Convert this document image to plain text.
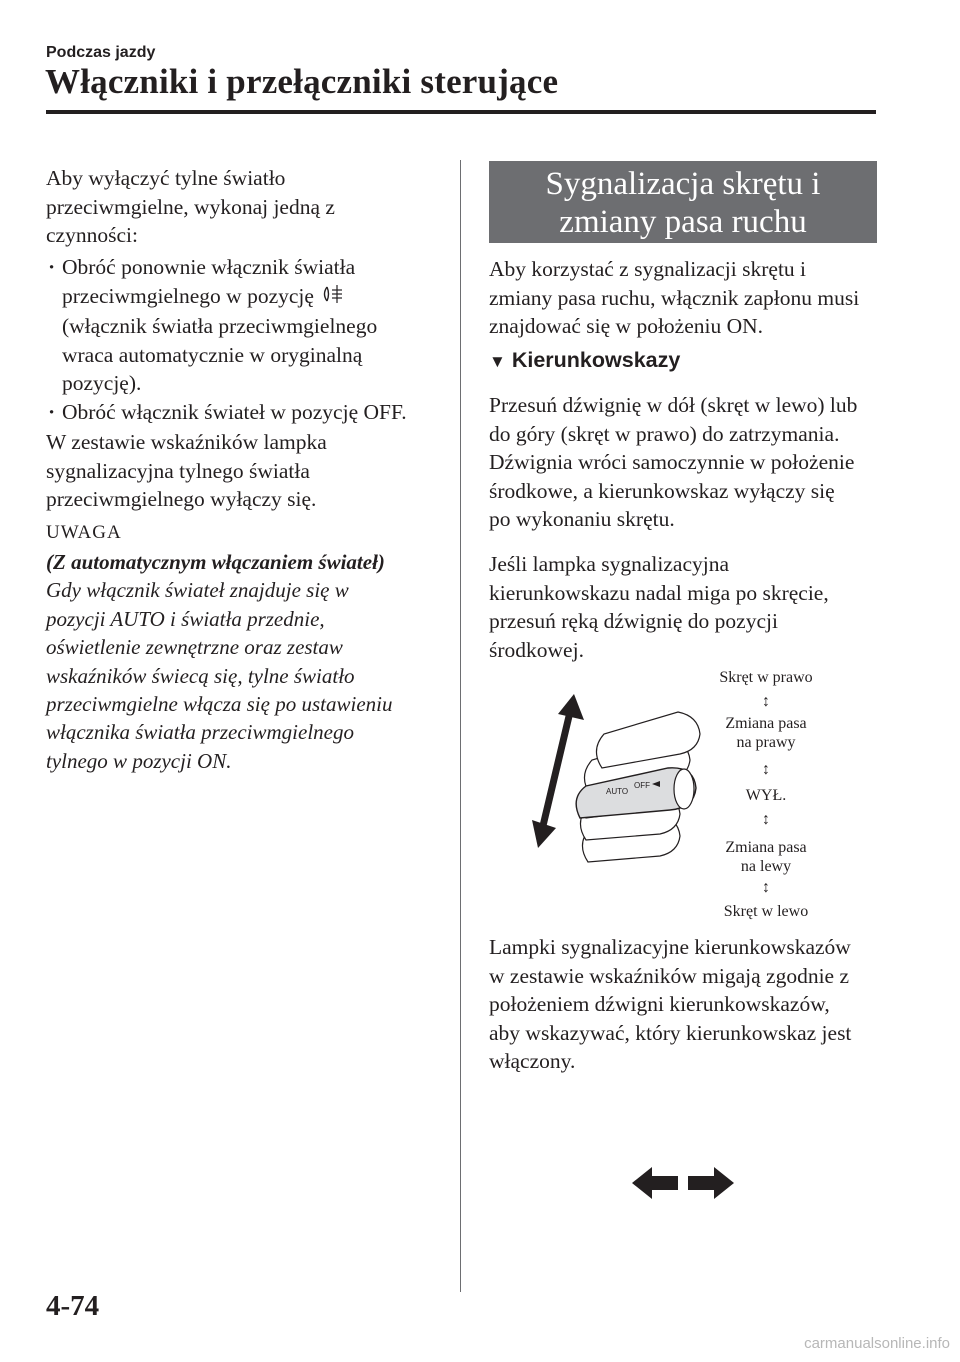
Podczas jazdy
Włączniki i przełączniki sterujące
Aby wyłączyć tylne światło
przeciwmgielne, wykonaj jedną z
czynności:
· Obróć ponownie włącznik światła
przeciwmgielnego w pozycję
(włącznik światła przeciwmgielnego
wraca automatycznie w oryginalną
pozycję).
· Obróć włącznik świateł w pozycję OFF.
W zestawie wskaźników lampka
sygnalizacyjna tylnego światła
przeciwmgielnego wyłączy się.
UWAGA
(Z automatycznym włączaniem świateł)
Gdy włącznik świateł znajduje się w
pozycji AUTO i światła przednie,
oświetlenie zewnętrzne oraz zestaw
wskaźników świecą się, tylne światło
przeciwmgielne włącza się po ustawieniu
włącznika światła przeciwmgielnego
tylnego w pozycji ON.
Sygnalizacja skrętu i
zmiany pasa ruchu
Aby korzystać z sygnalizacji skrętu i
zmiany pasa ruchu, włącznik zapłonu musi
znajdować się w położeniu ON.
▼ Kierunkowskazy
Przesuń dźwignię w dół (skręt w lewo) lub
do góry (skręt w prawo) do zatrzymania.
Dźwignia wróci samoczynnie w położenie
środkowe, a kierunkowskaz wyłączy się
po wykonaniu skrętu.
Jeśli lampka sygnalizacyjna
kierunkowskazu nadal miga po skręcie,
przesuń ręką dźwignię do pozycji
środkowej.
AUTO
OFF
Skręt w prawo
↕
Zmiana pasa
na prawy
↕
WYŁ.
↕
Zmiana pasa
na lewy
↕
Skręt w lewo
Lampki sygnalizacyjne kierunkowskazów
w zestawie wskaźników migają zgodnie z
położeniem dźwigni kierunkowskazów,
aby wskazywać, który kierunkowskaz jest
włączony.
4-74
carmanualsonline.info
